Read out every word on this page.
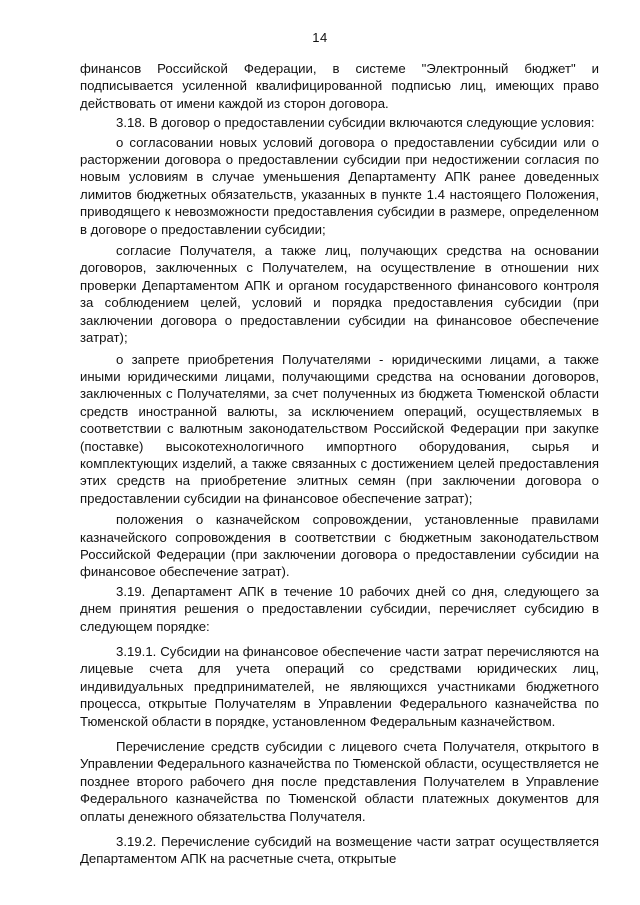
14

финансов Российской Федерации, в системе "Электронный бюджет" и подписывается усиленной квалифицированной подписью лиц, имеющих право действовать от имени каждой из сторон договора.

3.18. В договор о предоставлении субсидии включаются следующие условия:

о согласовании новых условий договора о предоставлении субсидии или о расторжении договора о предоставлении субсидии при недостижении согласия по новым условиям в случае уменьшения Департаменту АПК ранее доведенных лимитов бюджетных обязательств, указанных в пункте 1.4 настоящего Положения, приводящего к невозможности предоставления субсидии в размере, определенном в договоре о предоставлении субсидии;

согласие Получателя, а также лиц, получающих средства на основании договоров, заключенных с Получателем, на осуществление в отношении них проверки Департаментом АПК и органом государственного финансового контроля за соблюдением целей, условий и порядка предоставления субсидии (при заключении договора о предоставлении субсидии на финансовое обеспечение затрат);

о запрете приобретения Получателями - юридическими лицами, а также иными юридическими лицами, получающими средства на основании договоров, заключенных с Получателями, за счет полученных из бюджета Тюменской области средств иностранной валюты, за исключением операций, осуществляемых в соответствии с валютным законодательством Российской Федерации при закупке (поставке) высокотехнологичного импортного оборудования, сырья и комплектующих изделий, а также связанных с достижением целей предоставления этих средств на приобретение элитных семян (при заключении договора о предоставлении субсидии на финансовое обеспечение затрат);

положения о казначейском сопровождении, установленные правилами казначейского сопровождения в соответствии с бюджетным законодательством Российской Федерации (при заключении договора о предоставлении субсидии на финансовое обеспечение затрат).

3.19. Департамент АПК в течение 10 рабочих дней со дня, следующего за днем принятия решения о предоставлении субсидии, перечисляет субсидию в следующем порядке:

3.19.1. Субсидии на финансовое обеспечение части затрат перечисляются на лицевые счета для учета операций со средствами юридических лиц, индивидуальных предпринимателей, не являющихся участниками бюджетного процесса, открытые Получателям в Управлении Федерального казначейства по Тюменской области в порядке, установленном Федеральным казначейством.

Перечисление средств субсидии с лицевого счета Получателя, открытого в Управлении Федерального казначейства по Тюменской области, осуществляется не позднее второго рабочего дня после представления Получателем в Управление Федерального казначейства по Тюменской области платежных документов для оплаты денежного обязательства Получателя.

3.19.2. Перечисление субсидий на возмещение части затрат осуществляется Департаментом АПК на расчетные счета, открытые
